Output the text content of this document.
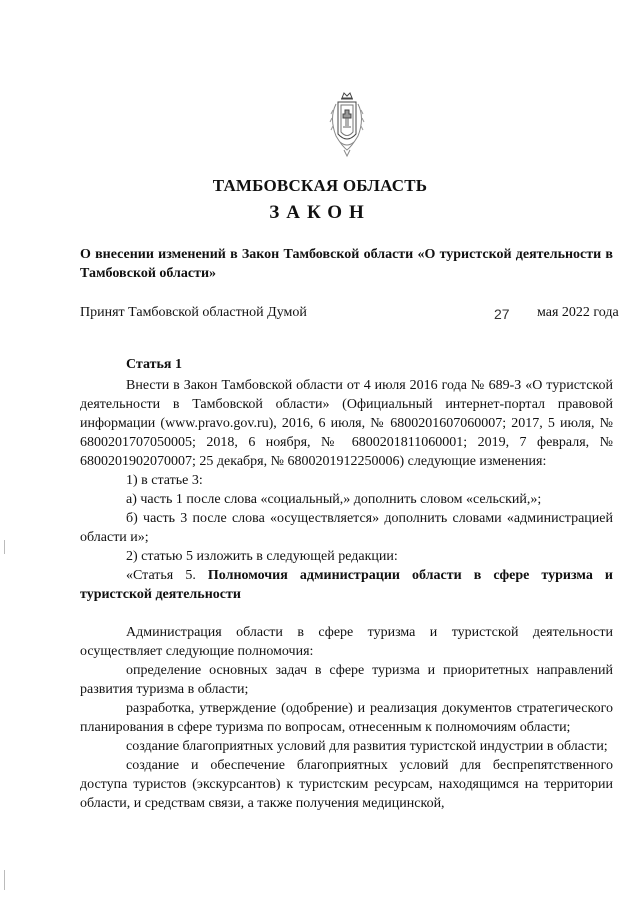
ТАМБОВСКАЯ ОБЛАСТЬ
ЗАКОН
О внесении изменений в Закон Тамбовской области «О туристской деятельности в Тамбовской области»
Принят Тамбовской областной Думой	27 мая 2022 года
Статья 1

Внести в Закон Тамбовской области от 4 июля 2016 года № 689-З «О туристской деятельности в Тамбовской области» (Официальный интернет-портал правовой информации (www.pravo.gov.ru), 2016, 6 июля, № 6800201607060007; 2017, 5 июля, № 6800201707050005; 2018, 6 ноября, № 6800201811060001; 2019, 7 февраля, № 6800201902070007; 25 декабря, № 6800201912250006) следующие изменения:

1) в статье 3:

а) часть 1 после слова «социальный,» дополнить словом «сельский,»;

б) часть 3 после слова «осуществляется» дополнить словами «администрацией области и»;

2) статью 5 изложить в следующей редакции:

«Статья 5. Полномочия администрации области в сфере туризма и туристской деятельности

Администрация области в сфере туризма и туристской деятельности осуществляет следующие полномочия:

определение основных задач в сфере туризма и приоритетных направлений развития туризма в области;

разработка, утверждение (одобрение) и реализация документов стратегического планирования в сфере туризма по вопросам, отнесенным к полномочиям области;

создание благоприятных условий для развития туристской индустрии в области;

создание и обеспечение благоприятных условий для беспрепятственного доступа туристов (экскурсантов) к туристским ресурсам, находящимся на территории области, и средствам связи, а также получения медицинской,
